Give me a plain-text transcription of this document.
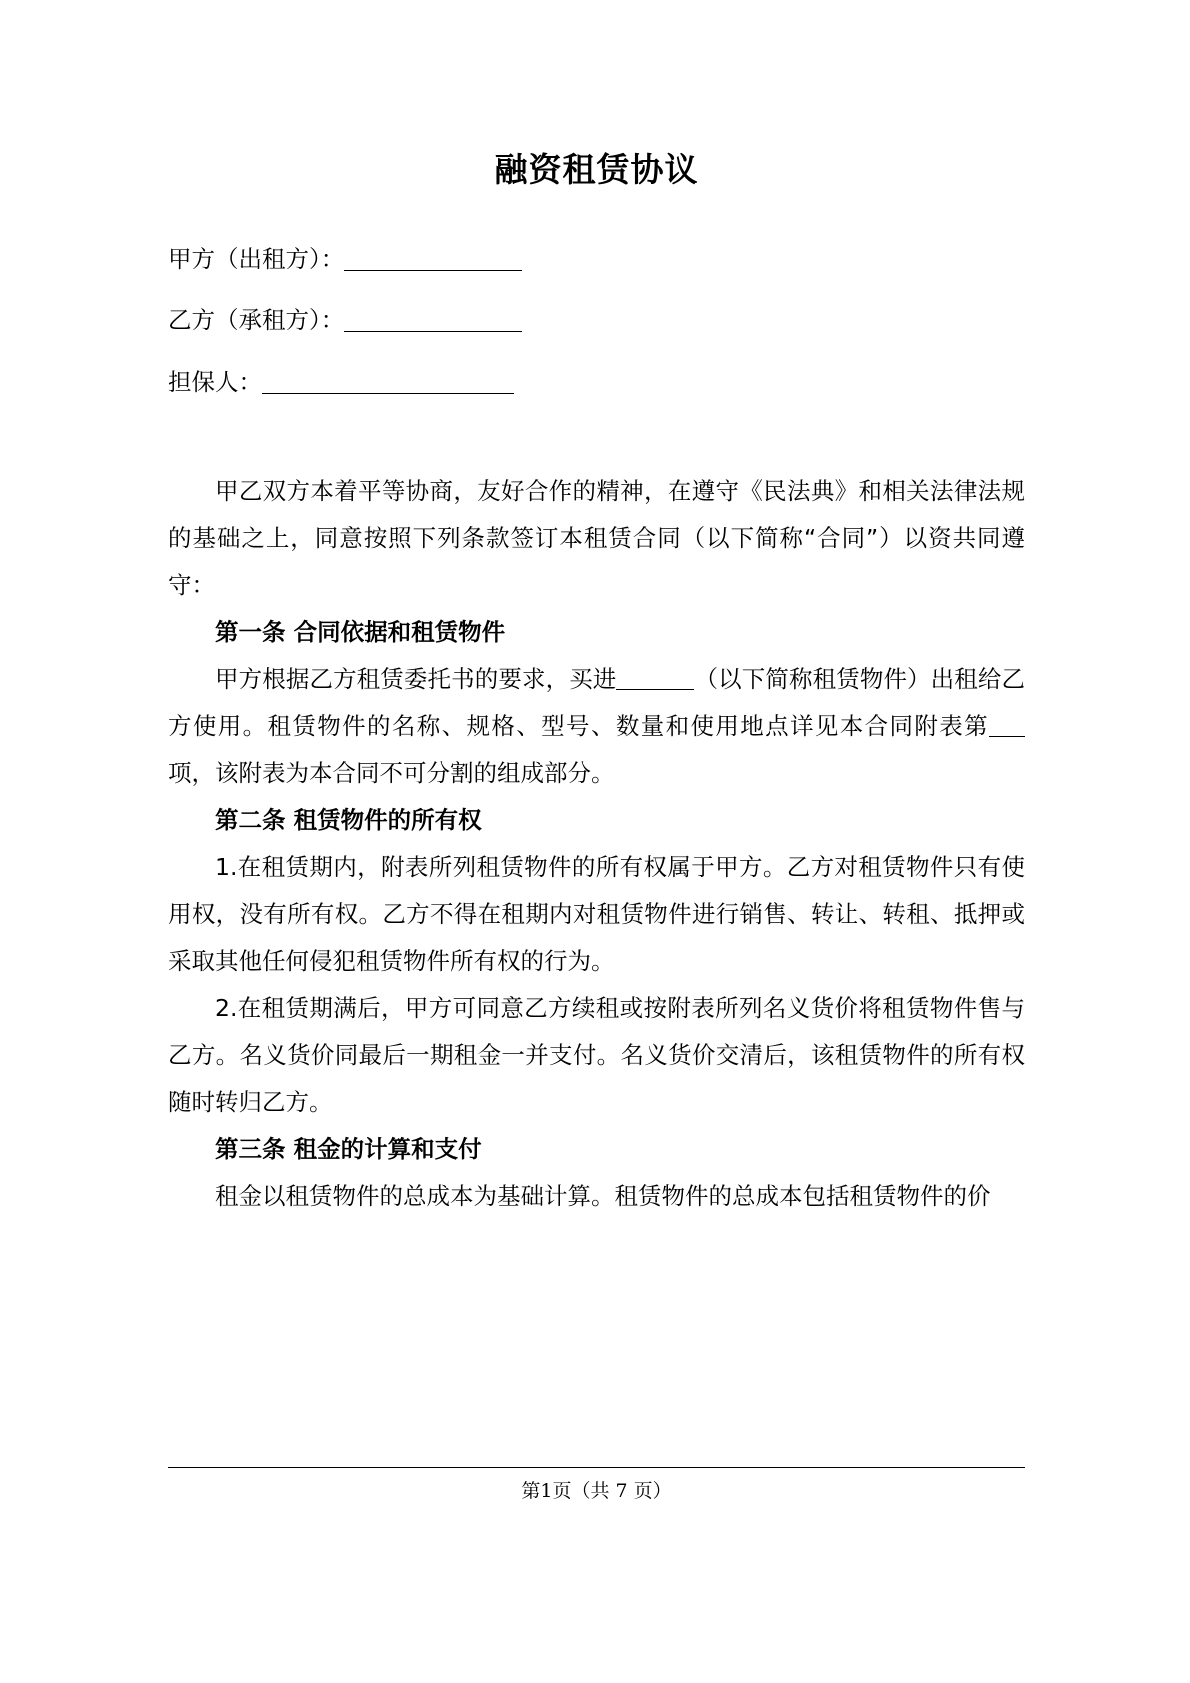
融资租赁协议
甲方（出租方）：
乙方（承租方）：
担保人：

甲乙双方本着平等协商，友好合作的精神，在遵守《民法典》和相关法律法规的基础之上，同意按照下列条款签订本租赁合同（以下简称“合同”）以资共同遵守：

第一条 合同依据和租赁物件

甲方根据乙方租赁委托书的要求，买进	（以下简称租赁物件）出租给乙方使用。租赁物件的名称、规格、型号、数量和使用地点详见本合同附表第项，该附表为本合同不可分割的组成部分。

第二条 租赁物件的所有权

1.在租赁期内，附表所列租赁物件的所有权属于甲方。乙方对租赁物件只有使用权，没有所有权。乙方不得在租期内对租赁物件进行销售、转让、转租、抵押或采取其他任何侵犯租赁物件所有权的行为。

2.在租赁期满后，甲方可同意乙方续租或按附表所列名义货价将租赁物件售与乙方。名义货价同最后一期租金一并支付。名义货价交清后，该租赁物件的所有权随时转归乙方。

第三条 租金的计算和支付

租金以租赁物件的总成本为基础计算。租赁物件的总成本包括租赁物件的价

第1页（共 7 页）
